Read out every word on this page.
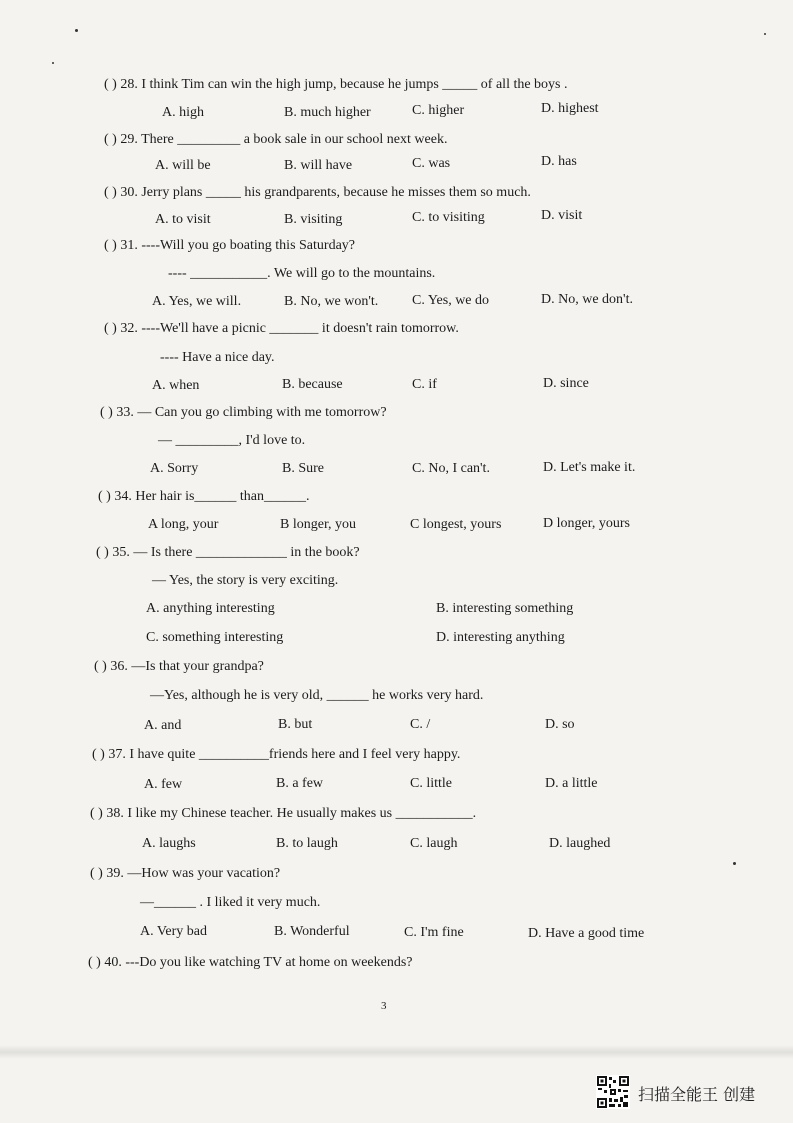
( ) 28. I think Tim can win the high jump, because he jumps _____ of all the boys .
A. high	B. much higher	C. higher	D. highest
( ) 29. There _________ a book sale in our school next week.
A. will be	B. will have	C. was	D. has
( ) 30. Jerry plans _____ his grandparents, because he misses them so much.
A. to visit	B. visiting	C. to visiting	D. visit
( ) 31. ----Will you go boating this Saturday?
---- ___________. We will go to the mountains.
A. Yes, we will.	B. No, we won't. C. Yes, we do	D. No, we don't.
( ) 32. ----We'll have a picnic _______ it doesn't rain tomorrow.
---- Have a nice day.
A. when	B. because	C. if	D. since
( ) 33. — Can you go climbing with me tomorrow?
— _________, I'd love to.
A. Sorry	B. Sure	C. No, I can't.	D. Let's make it.
( ) 34. Her hair is______ than______.
A long, your	B longer, you	C longest, yours	D longer, yours
( ) 35. — Is there _____________ in the book?
— Yes, the story is very exciting.
A. anything interesting	B. interesting something
C. something interesting	D. interesting anything
( ) 36. —Is that your grandpa?
—Yes, although he is very old, ______ he works very hard.
A. and	B. but	C. /	D. so
( ) 37. I have quite __________friends here and I feel very happy.
A. few	B. a few	C. little	D. a little
( ) 38. I like my Chinese teacher. He usually makes us ___________.
A. laughs	B. to laugh	C. laugh	D. laughed
( ) 39. —How was your vacation?
—______ . I liked it very much.
A. Very bad	B. Wonderful	C. I'm fine	D. Have a good time
( ) 40. ---Do you like watching TV at home on weekends?
3
扫描全能王 创建
